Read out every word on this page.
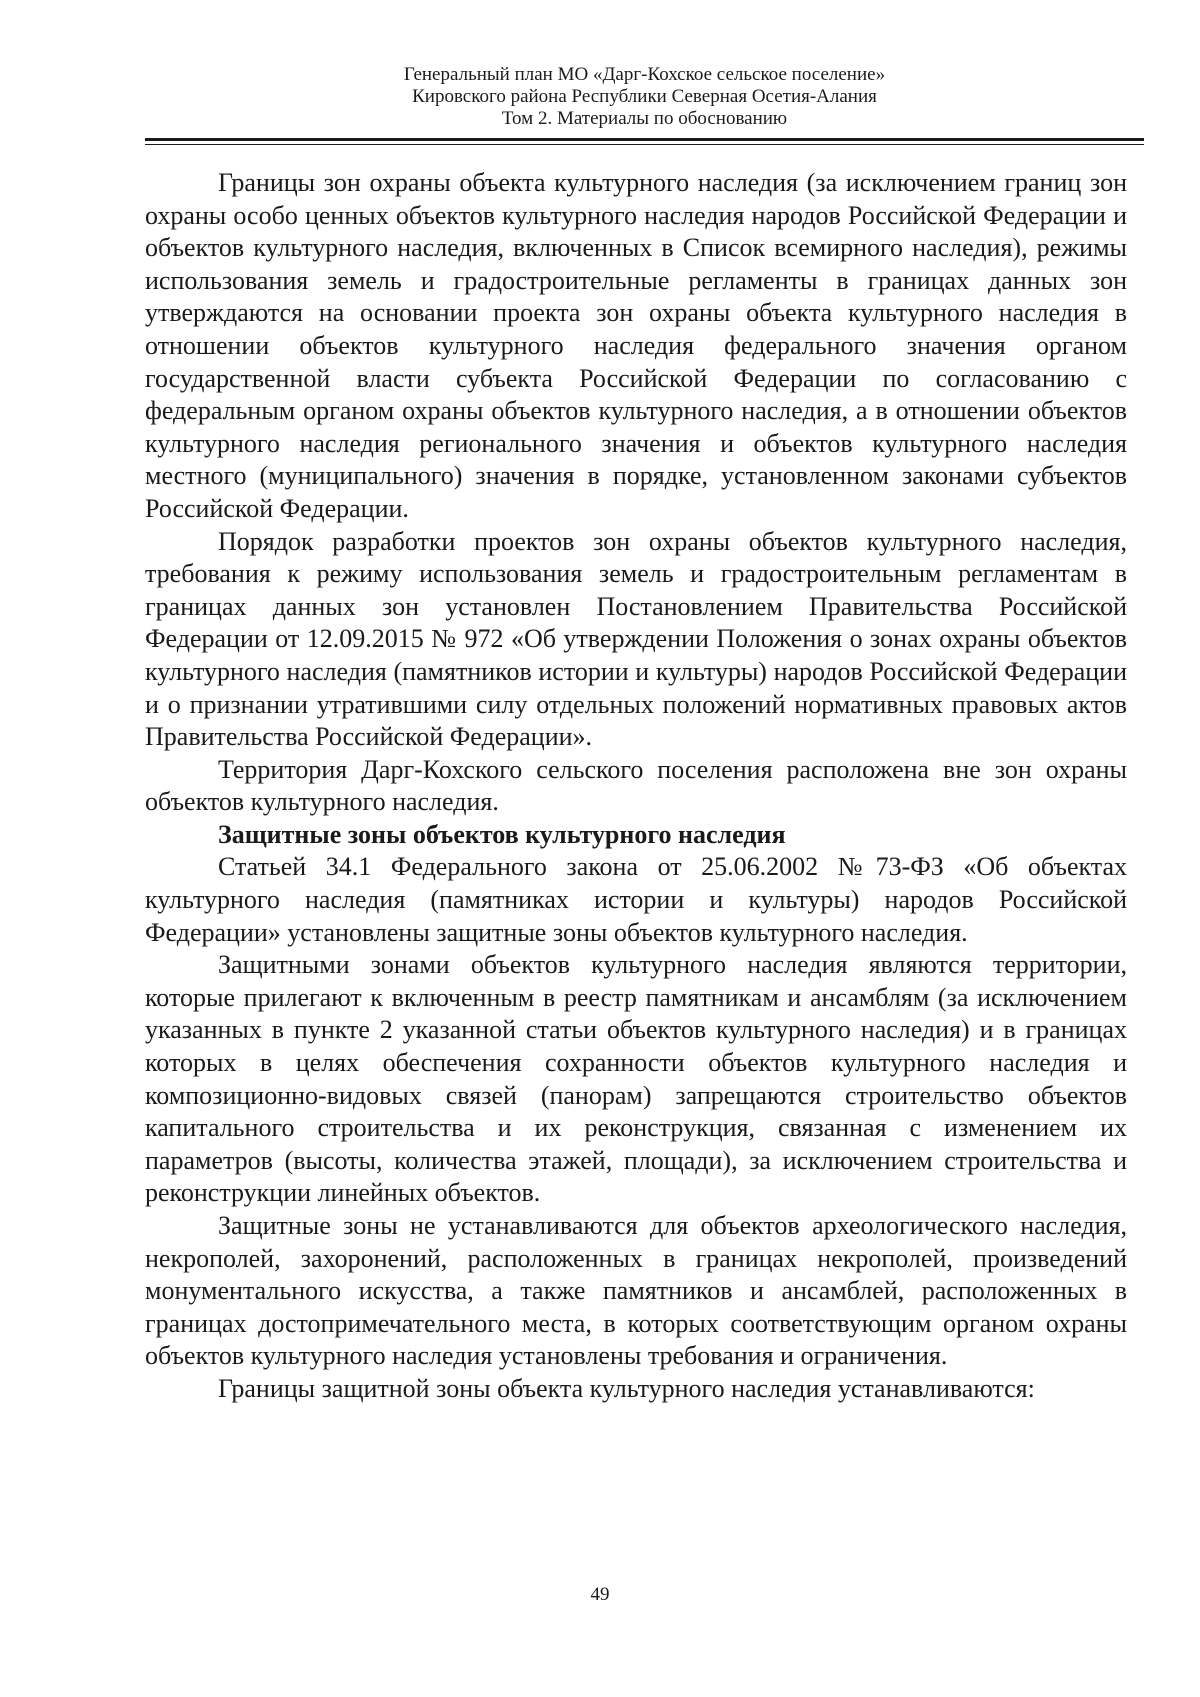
Генеральный план МО «Дарг-Кохское сельское поселение»
Кировского района Республики Северная Осетия-Алания
Том 2. Материалы по обоснованию

Границы зон охраны объекта культурного наследия (за исключением границ зон охраны особо ценных объектов культурного наследия народов Российской Федерации и объектов культурного наследия, включенных в Список всемирного наследия), режимы использования земель и градостроительные регламенты в границах данных зон утверждаются на основании проекта зон охраны объекта культурного наследия в отношении объектов культурного наследия федерального значения органом государственной власти субъекта Российской Федерации по согласованию с федеральным органом охраны объектов культурного наследия, а в отношении объектов культурного наследия регионального значения и объектов культурного наследия местного (муниципального) значения в порядке, установленном законами субъектов Российской Федерации.

Порядок разработки проектов зон охраны объектов культурного наследия, требования к режиму использования земель и градостроительным регламентам в границах данных зон установлен Постановлением Правительства Российской Федерации от 12.09.2015 № 972 «Об утверждении Положения о зонах охраны объектов культурного наследия (памятников истории и культуры) народов Российской Федерации и о признании утратившими силу отдельных положений нормативных правовых актов Правительства Российской Федерации».

Территория Дарг-Кохского сельского поселения расположена вне зон охраны объектов культурного наследия.

Защитные зоны объектов культурного наследия

Статьей 34.1 Федерального закона от 25.06.2002 №73-ФЗ «Об объектах культурного наследия (памятниках истории и культуры) народов Российской Федерации» установлены защитные зоны объектов культурного наследия.

Защитными зонами объектов культурного наследия являются территории, которые прилегают к включенным в реестр памятникам и ансамблям (за исключением указанных в пункте 2 указанной статьи объектов культурного наследия) и в границах которых в целях обеспечения сохранности объектов культурного наследия и композиционно-видовых связей (панорам) запрещаются строительство объектов капитального строительства и их реконструкция, связанная с изменением их параметров (высоты, количества этажей, площади), за исключением строительства и реконструкции линейных объектов.

Защитные зоны не устанавливаются для объектов археологического наследия, некрополей, захоронений, расположенных в границах некрополей, произведений монументального искусства, а также памятников и ансамблей, расположенных в границах достопримечательного места, в которых соответствующим органом охраны объектов культурного наследия установлены требования и ограничения.

Границы защитной зоны объекта культурного наследия устанавливаются:

49
